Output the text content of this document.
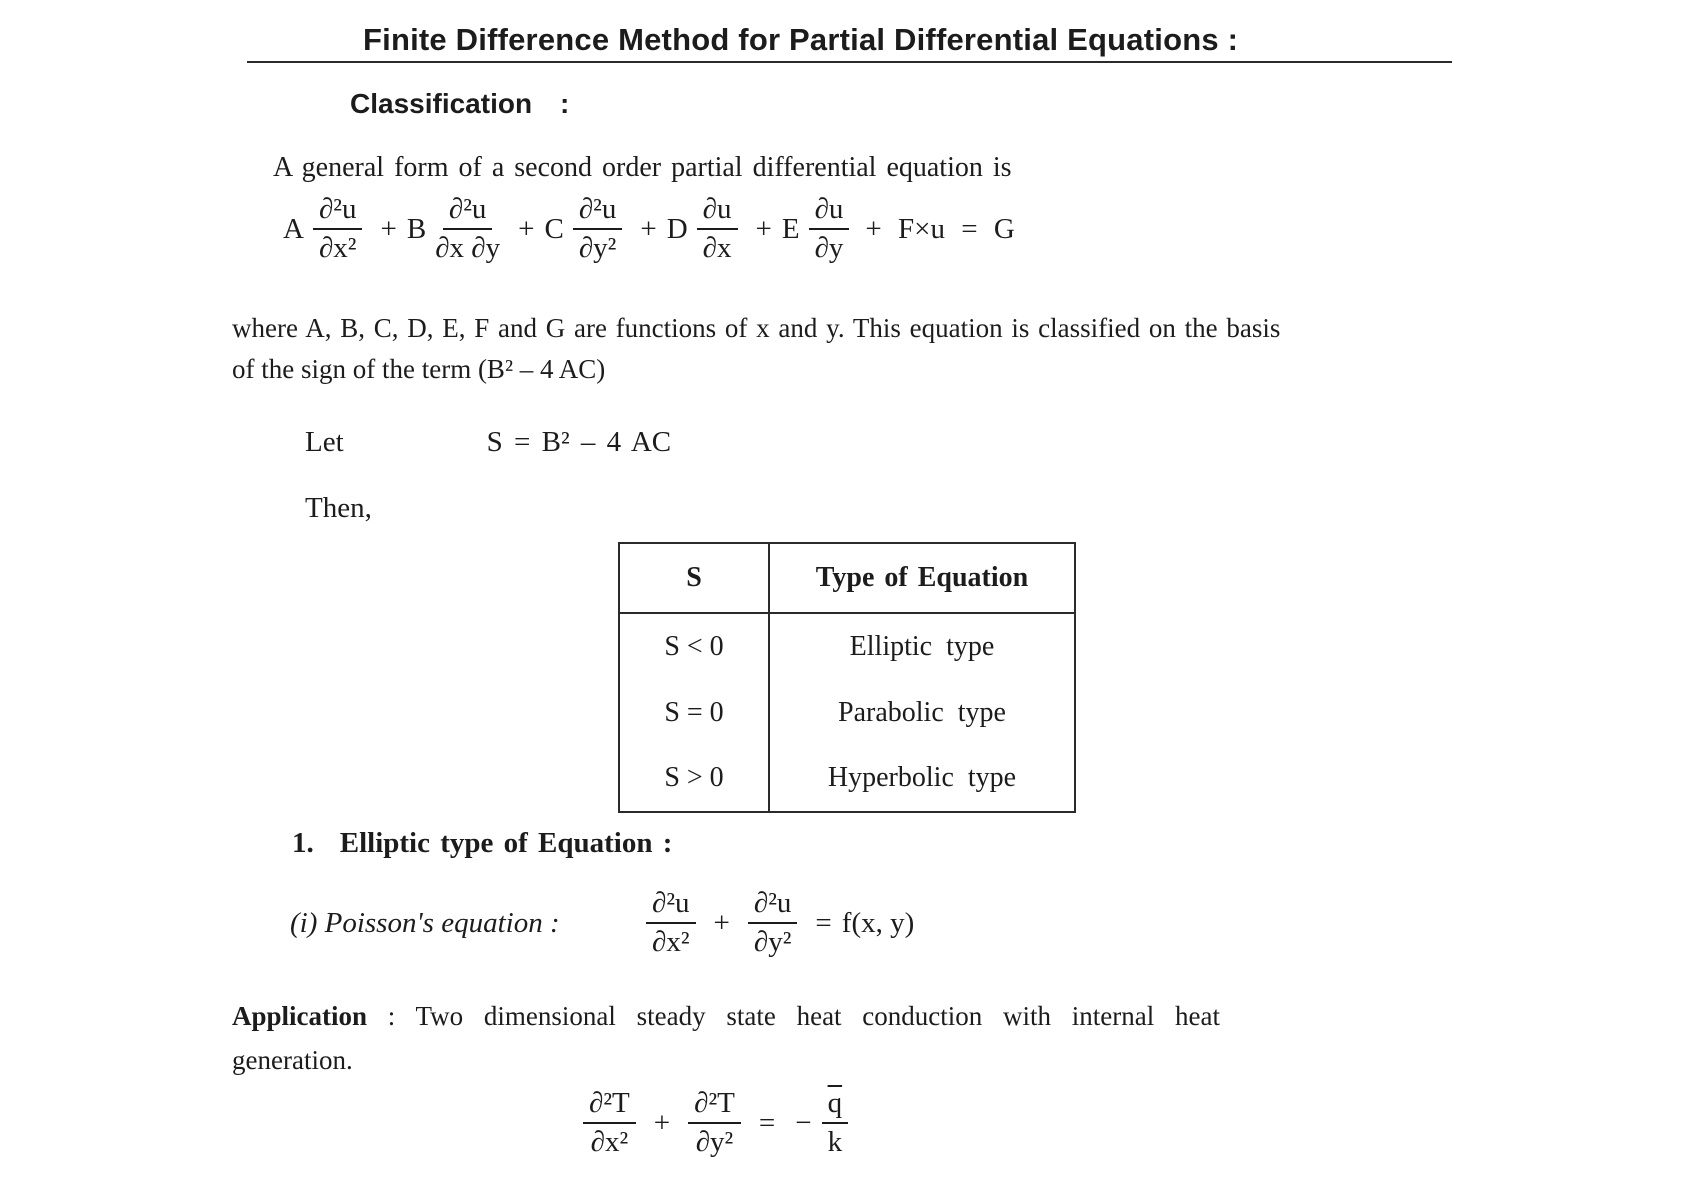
Finite Difference Method for Partial Differential Equations :
Classification :
A general form of a second order partial differential equation is
A $\frac{\text{∂²u}}{\text{∂x²}} + B \frac{\text{∂²u}}{\partial x \partial y} + C \frac{\text{∂²u}}{\text{∂y²}} + D \frac{\partial u}{\partial x} + E \frac{\partial u}{\partial y} + F\times u = G$
where A, B, C, D, E, F and G are functions of x and y. This equation is classified on the basis
of the sign of the term (B² – 4 AC)
Let	S = B² – 4 AC
Then,
S	Type of Equation
S < 0	Elliptic type
S = 0	Parabolic type
S > 0	Hyperbolic type
1. Elliptic type of Equation :
(i) Poisson's equation :	$\frac{\text{∂²u}}{\text{∂x²}} + \frac{\text{∂²u}}{\text{∂y²}} = f(x$, y)
Application : Two dimensional steady state heat conduction with internal heat
generation.
$\frac{\text{∂²T}}{\text{∂x²}} + \frac{\text{∂²T}}{\text{∂y²}}$ = − $\frac{\overline{q}}{k}$
